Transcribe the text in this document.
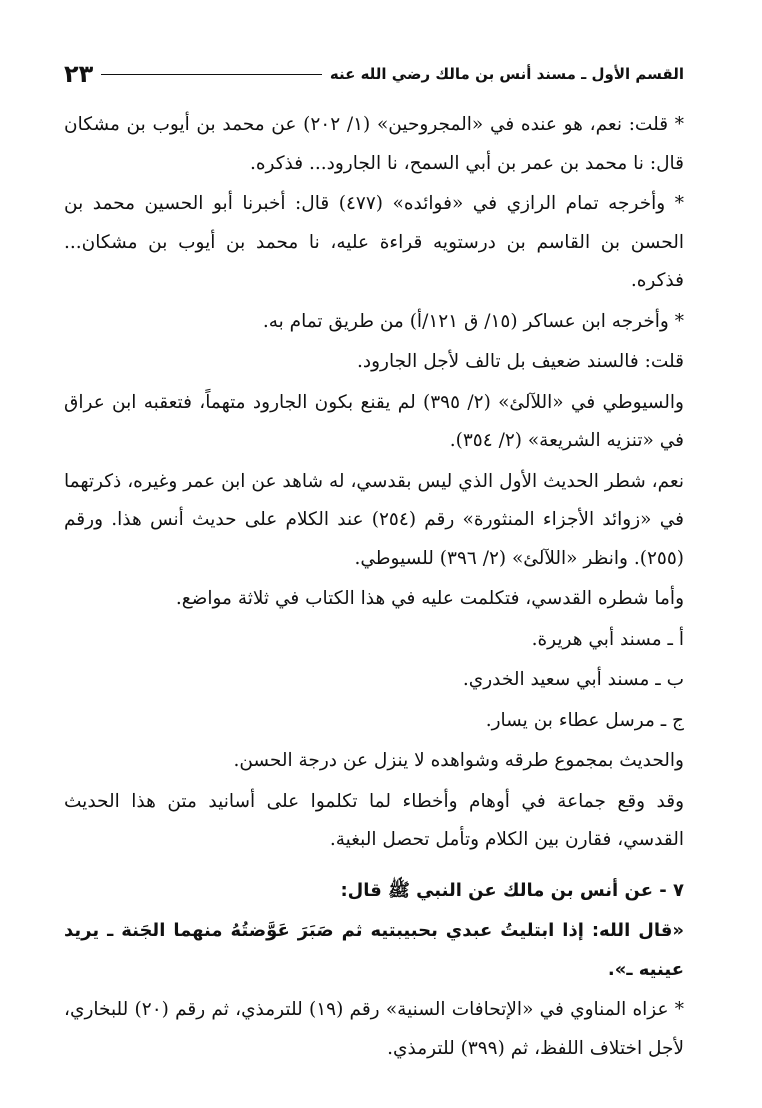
القسم الأول ـ مسند أنس بن مالك رضي الله عنه
٢٣

* قلت: نعم، هو عنده في «المجروحين» (١/ ٢٠٢) عن محمد بن أيوب بن مشكان قال: نا محمد بن عمر بن أبي السمح، نا الجارود... فذكره.

* وأخرجه تمام الرازي في «فوائده» (٤٧٧) قال: أخبرنا أبو الحسين محمد بن الحسن بن القاسم بن درستويه قراءة عليه، نا محمد بن أيوب بن مشكان... فذكره.

* وأخرجه ابن عساكر (١٥/ ق ١٢١/أ) من طريق تمام به.

قلت: فالسند ضعيف بل تالف لأجل الجارود.

والسيوطي في «اللآلئ» (٢/ ٣٩٥) لم يقنع بكون الجارود متهماً، فتعقبه ابن عراق في «تنزيه الشريعة» (٢/ ٣٥٤).

نعم، شطر الحديث الأول الذي ليس بقدسي، له شاهد عن ابن عمر وغيره، ذكرتهما في «زوائد الأجزاء المنثورة» رقم (٢٥٤) عند الكلام على حديث أنس هذا. ورقم (٢٥٥). وانظر «اللآلئ» (٢/ ٣٩٦) للسيوطي.

وأما شطره القدسي، فتكلمت عليه في هذا الكتاب في ثلاثة مواضع.

أ ـ مسند أبي هريرة.

ب ـ مسند أبي سعيد الخدري.

ج ـ مرسل عطاء بن يسار.

والحديث بمجموع طرقه وشواهده لا ينزل عن درجة الحسن.

وقد وقع جماعة في أوهام وأخطاء لما تكلموا على أسانيد متن هذا الحديث القدسي، فقارن بين الكلام وتأمل تحصل البغية.

٧ - عن أنس بن مالك عن النبي ﷺ قال:

«قال الله: إذا ابتليتُ عبدي بحبيبتيه ثم صَبَرَ عَوَّضتُهُ منهما الجَنة ـ يريد عينيه ـ».

* عزاه المناوي في «الإتحافات السنية» رقم (١٩) للترمذي، ثم رقم (٢٠) للبخاري، لأجل اختلاف اللفظ، ثم (٣٩٩) للترمذي.
